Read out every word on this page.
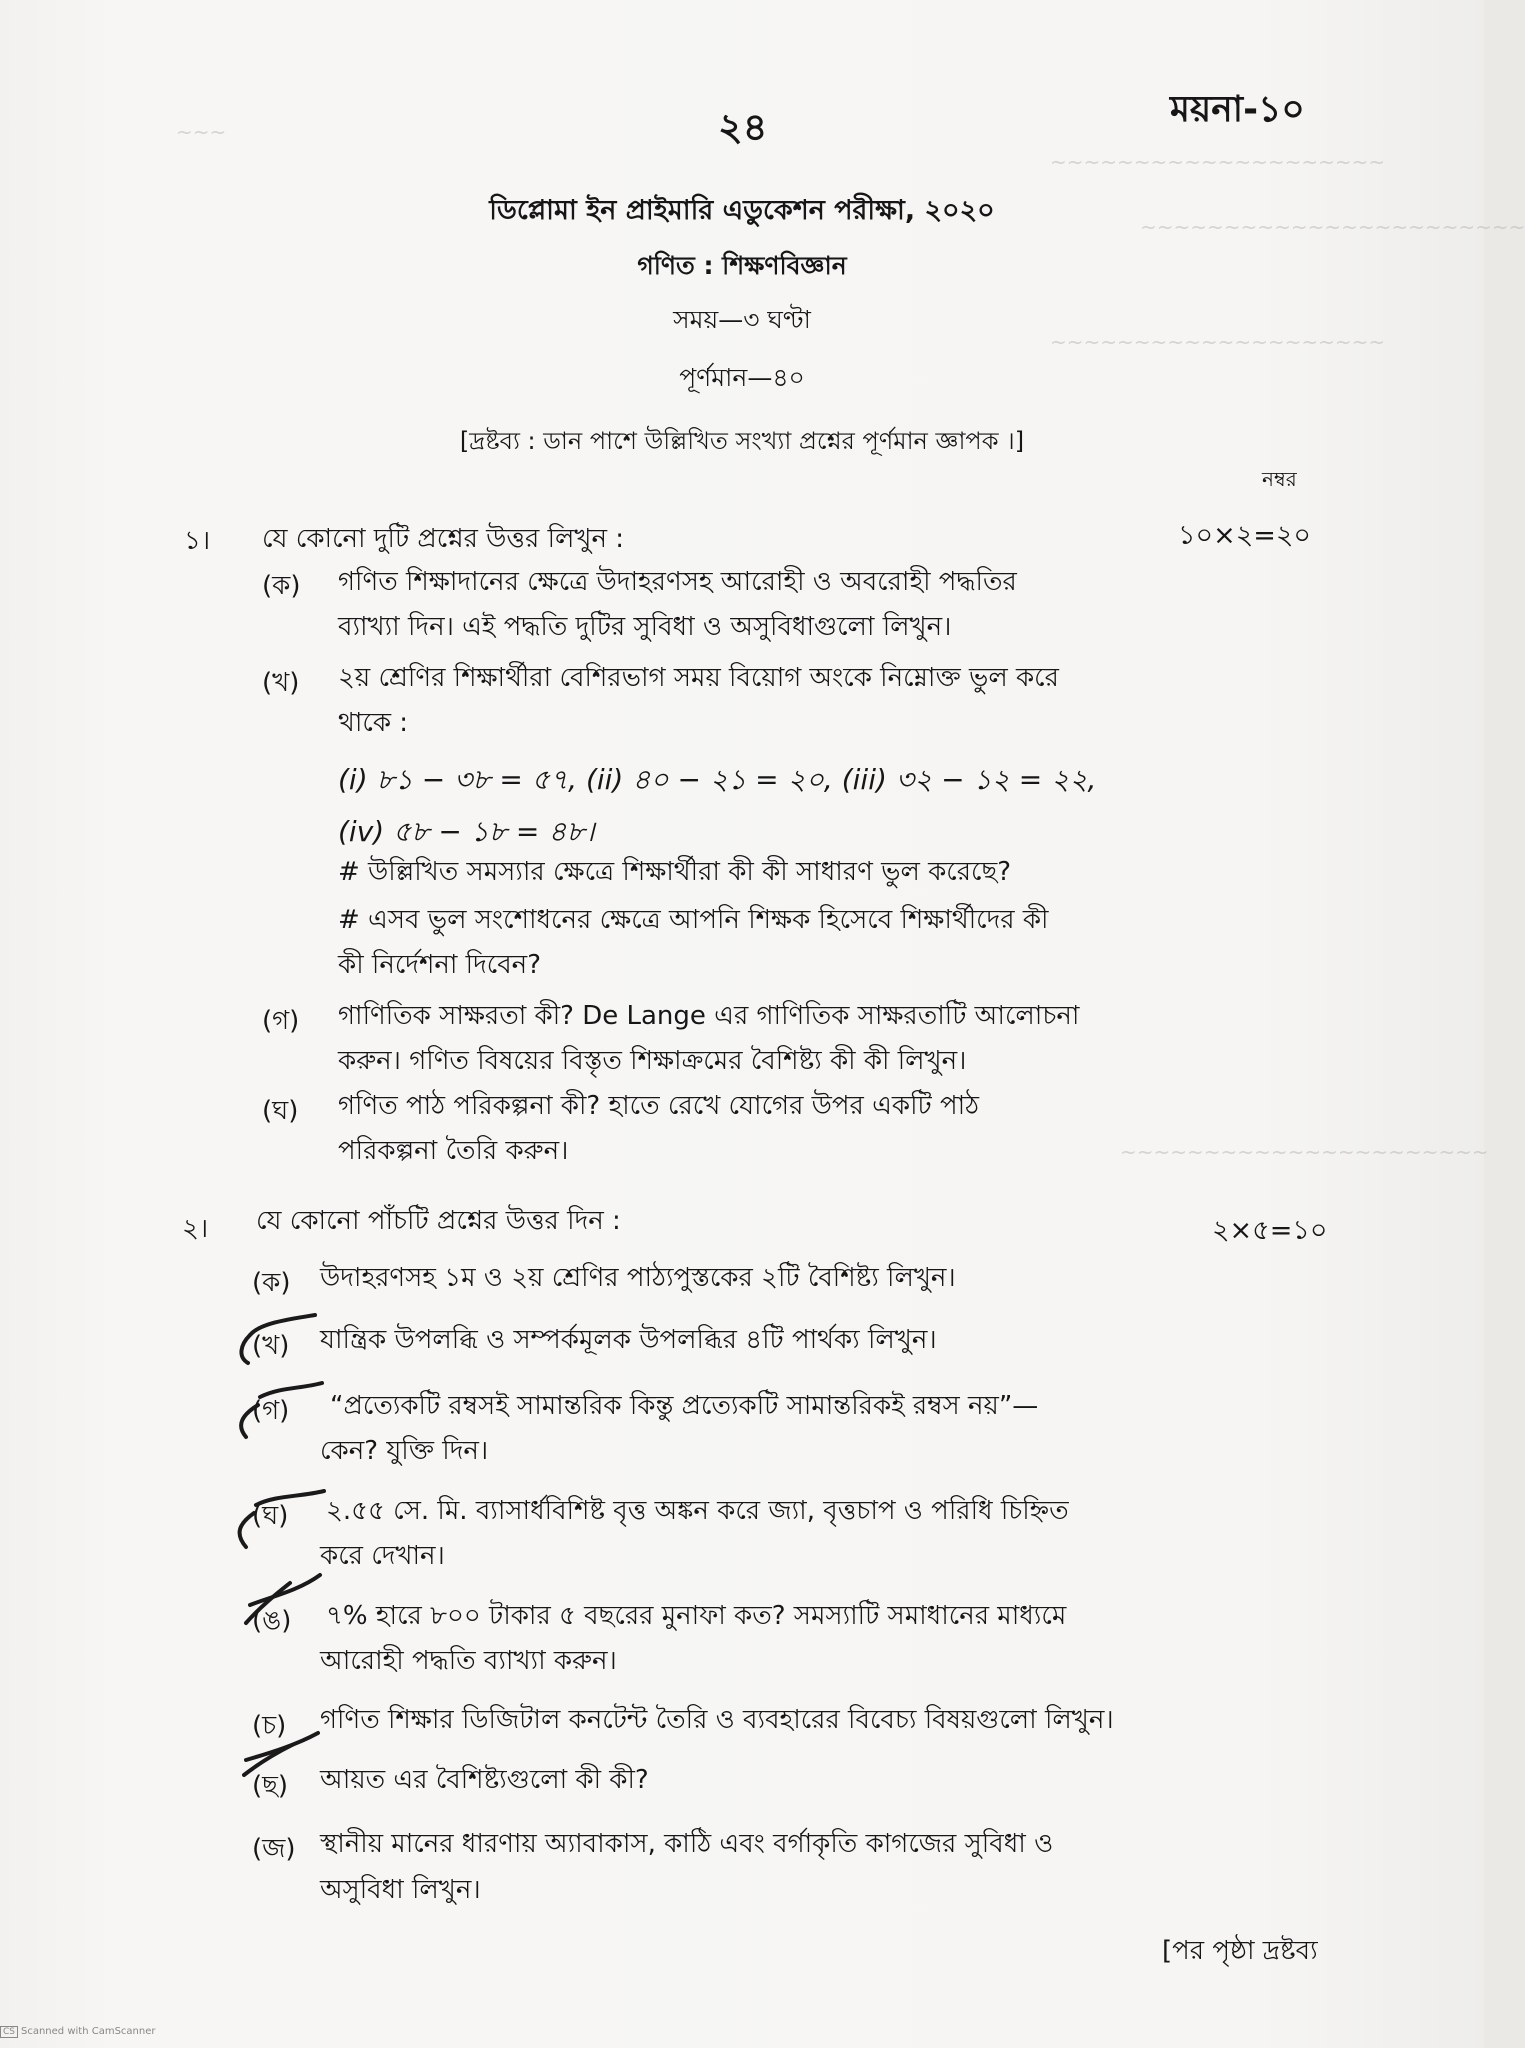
~~~
~~~~~~~~~~~~~~~~~~~~
~~~~~~~~~~~~~~~~~~~~~~~
~~~~~~~~~~~~~~~~~~~~
~~~~~~~~~~~~~~~~~~~~~~
২৪	ময়না-১০
ডিপ্লোমা ইন প্রাইমারি এডুকেশন পরীক্ষা, ২০২০
গণিত : শিক্ষণবিজ্ঞান
সময়—৩ ঘণ্টা
পূর্ণমান—৪০
[দ্রষ্টব্য : ডান পাশে উল্লিখিত সংখ্যা প্রশ্নের পূর্ণমান জ্ঞাপক ।]
নম্বর
১। যে কোনো দুটি প্রশ্নের উত্তর লিখুন :	১০×২=২০
(ক) গণিত শিক্ষাদানের ক্ষেত্রে উদাহরণসহ আরোহী ও অবরোহী পদ্ধতির
ব্যাখ্যা দিন। এই পদ্ধতি দুটির সুবিধা ও অসুবিধাগুলো লিখুন।
(খ) ২য় শ্রেণির শিক্ষার্থীরা বেশিরভাগ সময় বিয়োগ অংকে নিম্নোক্ত ভুল করে
থাকে :
(i) ৮১ − ৩৮ = ৫৭, (ii) ৪০ − ২১ = ২০, (iii) ৩২ − ১২ = ২২,
(iv) ৫৮ − ১৮ = ৪৮।
# উল্লিখিত সমস্যার ক্ষেত্রে শিক্ষার্থীরা কী কী সাধারণ ভুল করেছে?
# এসব ভুল সংশোধনের ক্ষেত্রে আপনি শিক্ষক হিসেবে শিক্ষার্থীদের কী
কী নির্দেশনা দিবেন?
(গ) গাণিতিক সাক্ষরতা কী? De Lange এর গাণিতিক সাক্ষরতাটি আলোচনা
করুন। গণিত বিষয়ের বিস্তৃত শিক্ষাক্রমের বৈশিষ্ট্য কী কী লিখুন।
(ঘ) গণিত পাঠ পরিকল্পনা কী? হাতে রেখে যোগের উপর একটি পাঠ
পরিকল্পনা তৈরি করুন।
২। যে কোনো পাঁচটি প্রশ্নের উত্তর দিন :	২×৫=১০
(ক) উদাহরণসহ ১ম ও ২য় শ্রেণির পাঠ্যপুস্তকের ২টি বৈশিষ্ট্য লিখুন।
(খ) যান্ত্রিক উপলব্ধি ও সম্পর্কমূলক উপলব্ধির ৪টি পার্থক্য লিখুন।
(গ) “প্রত্যেকটি রম্বসই সামান্তরিক কিন্তু প্রত্যেকটি সামান্তরিকই রম্বস নয়”—
কেন? যুক্তি দিন।
(ঘ) ২.৫৫ সে. মি. ব্যাসার্ধবিশিষ্ট বৃত্ত অঙ্কন করে জ্যা, বৃত্তচাপ ও পরিধি চিহ্নিত
করে দেখান।
(ঙ) ৭% হারে ৮০০ টাকার ৫ বছরের মুনাফা কত? সমস্যাটি সমাধানের মাধ্যমে
আরোহী পদ্ধতি ব্যাখ্যা করুন।
(চ) গণিত শিক্ষার ডিজিটাল কনটেন্ট তৈরি ও ব্যবহারের বিবেচ্য বিষয়গুলো লিখুন।
(ছ) আয়ত এর বৈশিষ্ট্যগুলো কী কী?
(জ) স্থানীয় মানের ধারণায় অ্যাবাকাস, কাঠি এবং বর্গাকৃতি কাগজের সুবিধা ও
অসুবিধা লিখুন।
[পর পৃষ্ঠা দ্রষ্টব্য
CS Scanned with CamScanner
